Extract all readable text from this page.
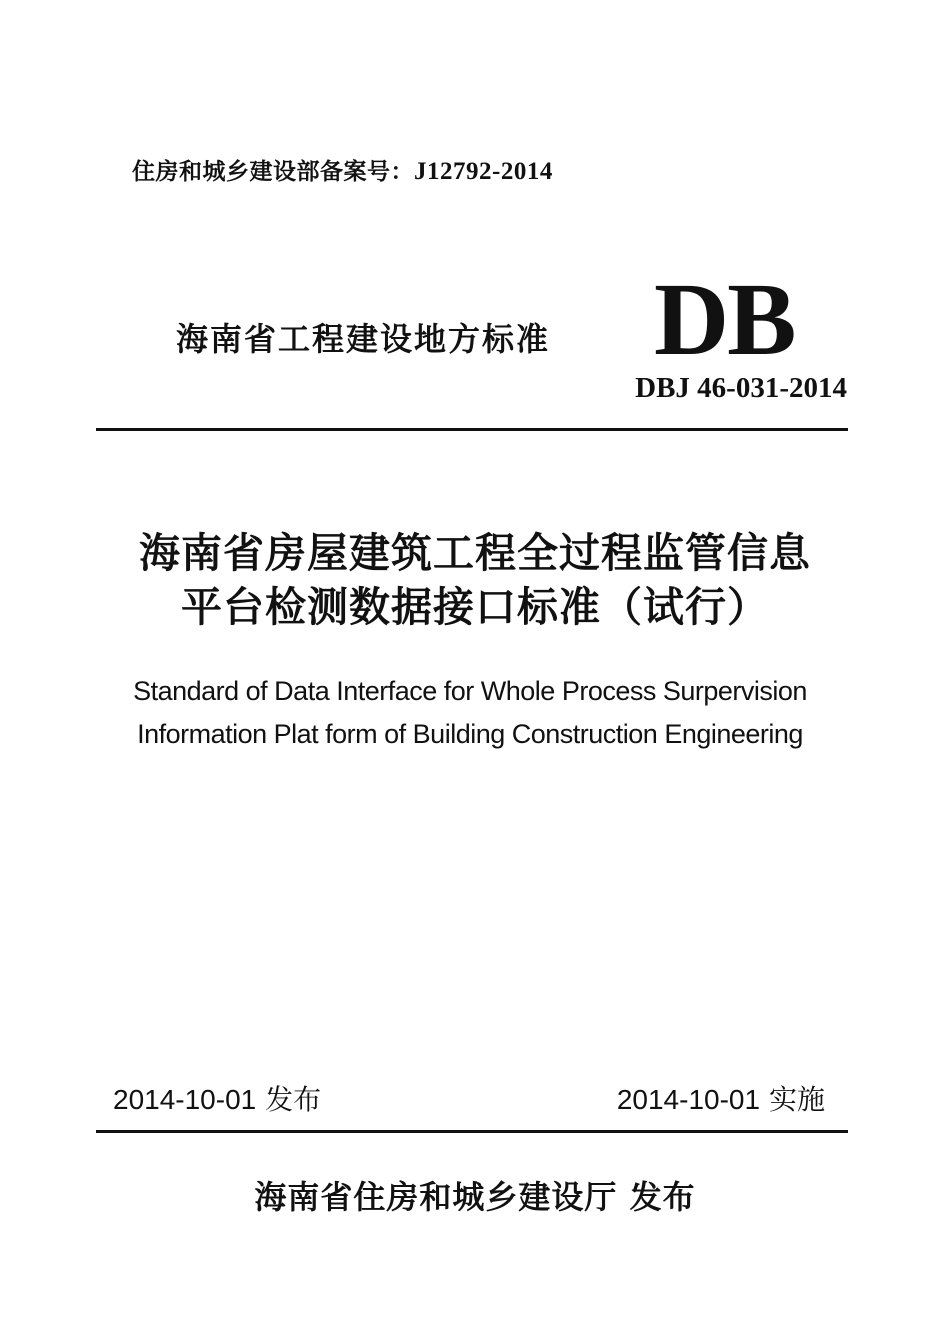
住房和城乡建设部备案号：J12792-2014
海南省工程建设地方标准 DB
DBJ 46-031-2014
海南省房屋建筑工程全过程监管信息
平台检测数据接口标准（试行）
Standard of Data Interface for Whole Process Surpervision
Information Plat form of Building Construction Engineering
2014-10-01 发布	2014-10-01 实施
海南省住房和城乡建设厅 发布
